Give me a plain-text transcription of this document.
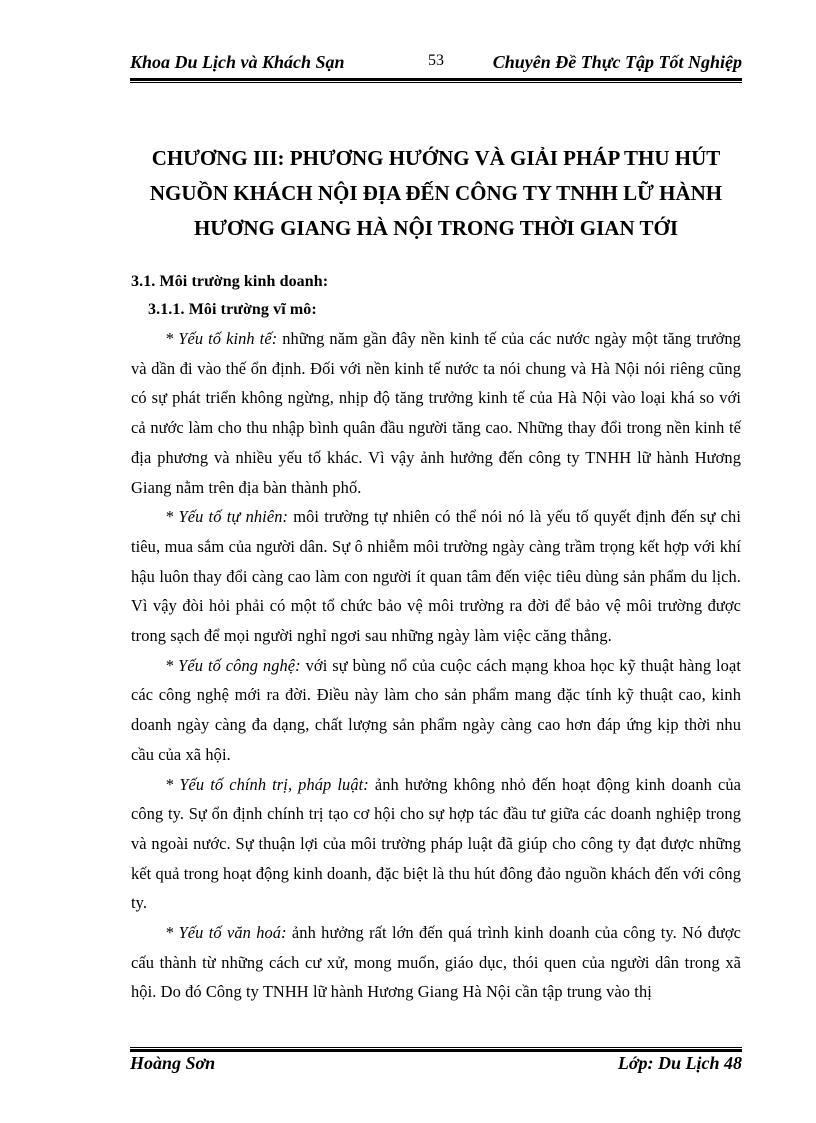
Khoa Du Lịch và Khách Sạn	53	Chuyên Đề Thực Tập Tốt Nghiệp
CHƯƠNG III: PHƯƠNG HƯỚNG VÀ GIẢI PHÁP THU HÚT
NGUỒN KHÁCH NỘI ĐỊA ĐẾN CÔNG TY TNHH LỮ HÀNH
HƯƠNG GIANG HÀ NỘI TRONG THỜI GIAN TỚI
3.1. Môi trường kinh doanh:
3.1.1. Môi trường vĩ mô:

* Yếu tố kinh tế: những năm gần đây nền kinh tế của các nước ngày một tăng trưởng và dần đi vào thế ổn định. Đối với nền kinh tế nước ta nói chung và Hà Nội nói riêng cũng có sự phát triển không ngừng, nhịp độ tăng trưởng kinh tế của Hà Nội vào loại khá so với cả nước làm cho thu nhập bình quân đầu người tăng cao. Những thay đổi trong nền kinh tế địa phương và nhiều yếu tố khác. Vì vậy ảnh hưởng đến công ty TNHH lữ hành Hương Giang nằm trên địa bàn thành phố.

* Yếu tố tự nhiên: môi trường tự nhiên có thể nói nó là yếu tố quyết định đến sự chi tiêu, mua sắm của người dân. Sự ô nhiễm môi trường ngày càng trầm trọng kết hợp với khí hậu luôn thay đổi càng cao làm con người ít quan tâm đến việc tiêu dùng sản phẩm du lịch. Vì vậy đòi hỏi phải có một tổ chức bảo vệ môi trường ra đời để bảo vệ môi trường được trong sạch để mọi người nghỉ ngơi sau những ngày làm việc căng thẳng.

* Yếu tố công nghệ: với sự bùng nổ của cuộc cách mạng khoa học kỹ thuật hàng loạt các công nghệ mới ra đời. Điều này làm cho sản phẩm mang đặc tính kỹ thuật cao, kinh doanh ngày càng đa dạng, chất lượng sản phẩm ngày càng cao hơn đáp ứng kịp thời nhu cầu của xã hội.

* Yếu tố chính trị, pháp luật: ảnh hưởng không nhỏ đến hoạt động kinh doanh của công ty. Sự ổn định chính trị tạo cơ hội cho sự hợp tác đầu tư giữa các doanh nghiệp trong và ngoài nước. Sự thuận lợi của môi trường pháp luật đã giúp cho công ty đạt được những kết quả trong hoạt động kinh doanh, đặc biệt là thu hút đông đảo nguồn khách đến với công ty.

* Yếu tố văn hoá: ảnh hưởng rất lớn đến quá trình kinh doanh của công ty. Nó được cấu thành từ những cách cư xử, mong muốn, giáo dục, thói quen của người dân trong xã hội. Do đó Công ty TNHH lữ hành Hương Giang Hà Nội cần tập trung vào thị

Hoàng Sơn	Lớp: Du Lịch 48
